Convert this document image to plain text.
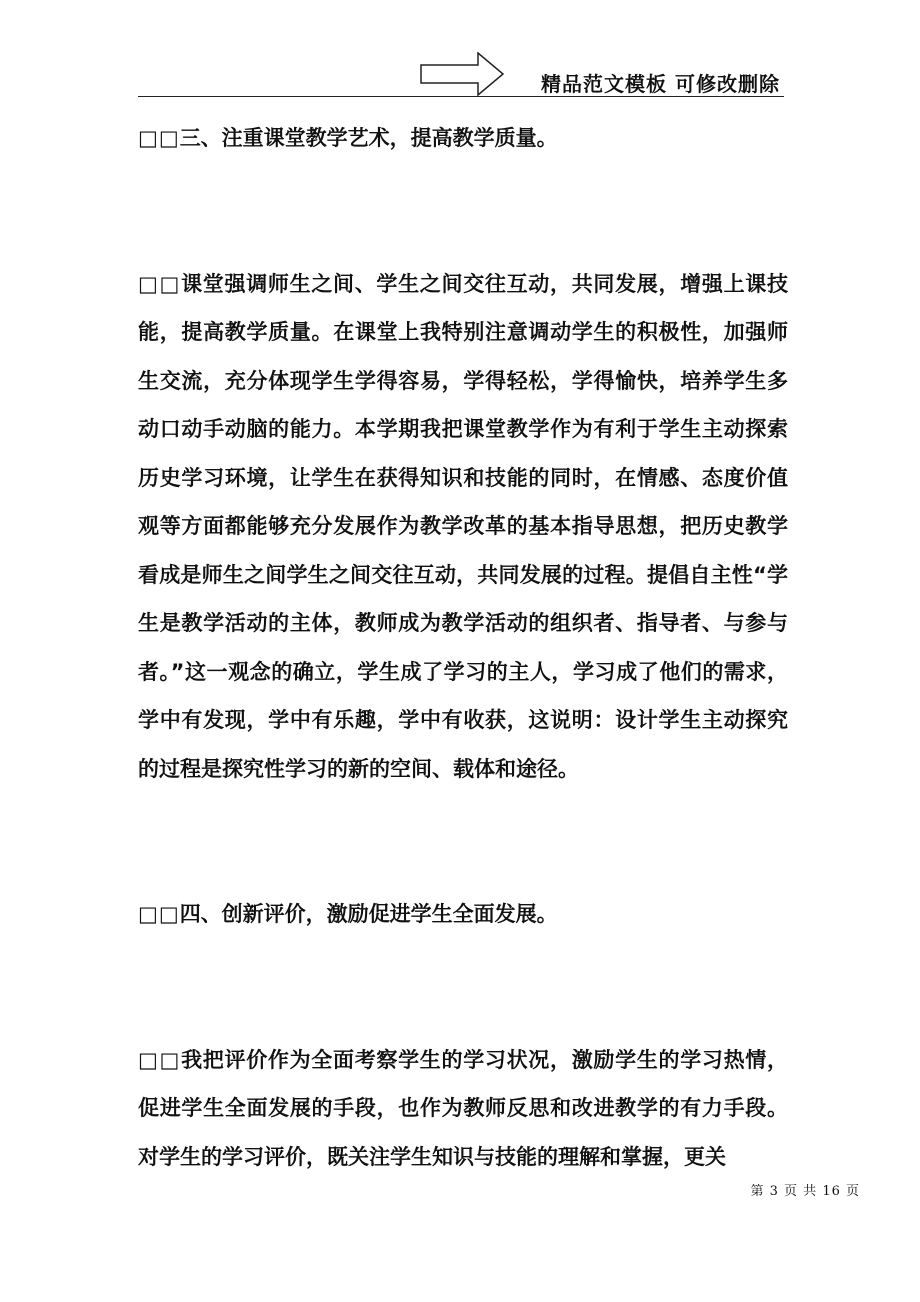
精品范文模板 可修改删除

□□三、注重课堂教学艺术，提高教学质量。

□□课堂强调师生之间、学生之间交往互动，共同发展，增强上课技能，提高教学质量。在课堂上我特别注意调动学生的积极性，加强师生交流，充分体现学生学得容易，学得轻松，学得愉快，培养学生多动口动手动脑的能力。本学期我把课堂教学作为有利于学生主动探索历史学习环境，让学生在获得知识和技能的同时，在情感、态度价值观等方面都能够充分发展作为教学改革的基本指导思想，把历史教学看成是师生之间学生之间交往互动，共同发展的过程。提倡自主性“学生是教学活动的主体，教师成为教学活动的组织者、指导者、与参与者。”这一观念的确立，学生成了学习的主人，学习成了他们的需求，学中有发现，学中有乐趣，学中有收获，这说明：设计学生主动探究的过程是探究性学习的新的空间、载体和途径。

□□四、创新评价，激励促进学生全面发展。

□□我把评价作为全面考察学生的学习状况，激励学生的学习热情，促进学生全面发展的手段，也作为教师反思和改进教学的有力手段。对学生的学习评价，既关注学生知识与技能的理解和掌握，更关

第 3 页 共 16 页
